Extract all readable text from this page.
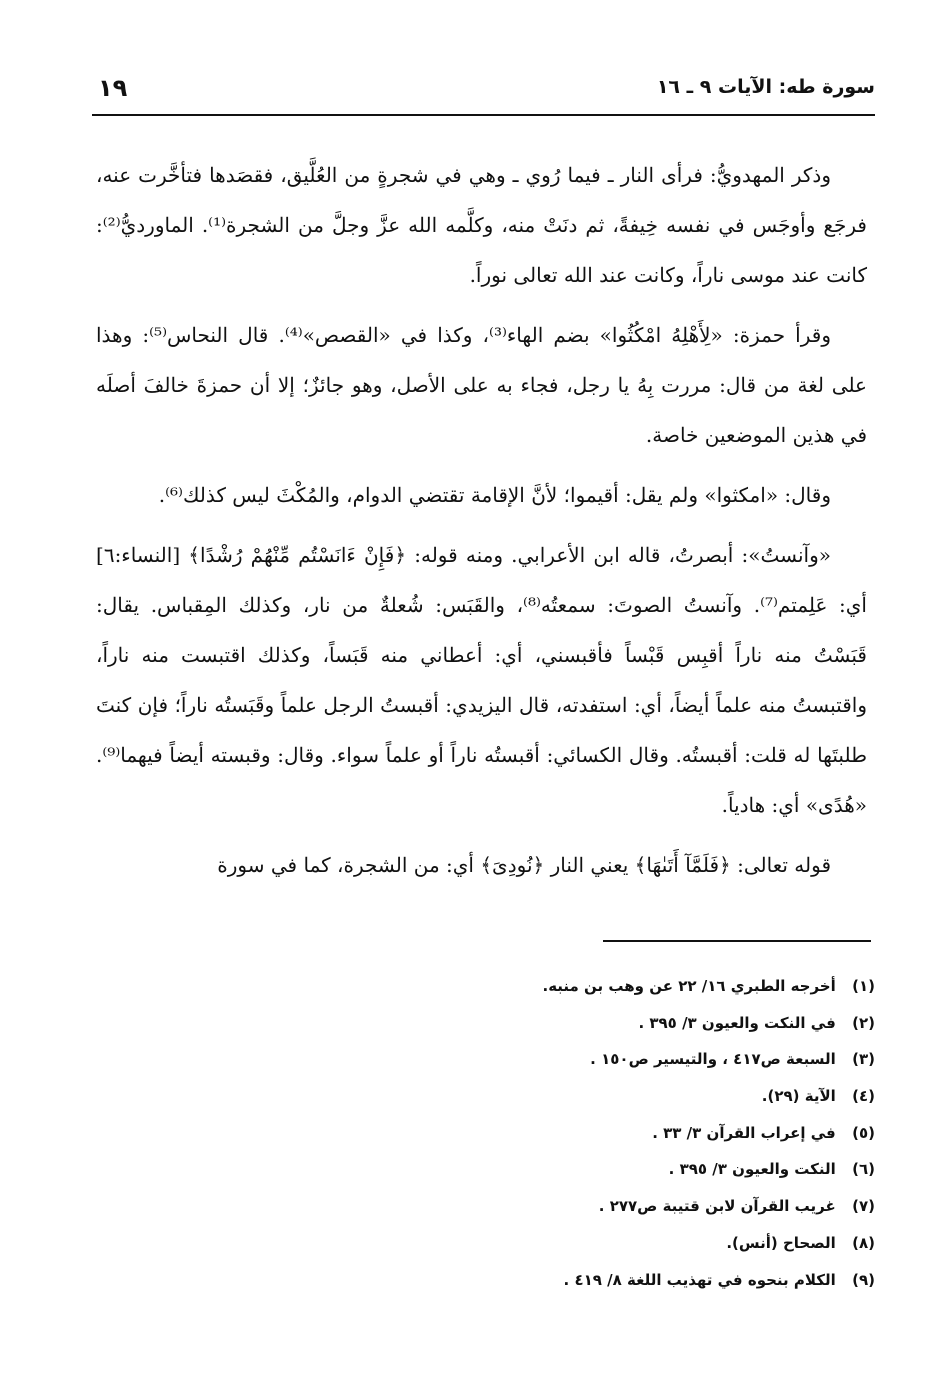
سورة طه: الآيات ٩ ـ ١٦
١٩

وذكر المهدويُّ: فرأى النار ـ فيما رُوي ـ وهي في شجرةٍ من العُلَّيق، فقصَدها فتأخَّرت عنه، فرجَع وأوجَس في نفسه خِيفةً، ثم دنَتْ منه، وكلَّمه الله عزَّ وجلَّ من الشجرة⁽¹⁾. الماورديُّ⁽²⁾: كانت عند موسى ناراً، وكانت عند الله تعالى نوراً.

وقرأ حمزة: «لِأَهْلِهُ امْكُثُوا» بضم الهاء⁽³⁾، وكذا في «القصص»⁽⁴⁾. قال النحاس⁽⁵⁾: وهذا على لغة من قال: مررت بِهُ يا رجل، فجاء به على الأصل، وهو جائزٌ؛ إلا أن حمزةَ خالفَ أصلَه في هذين الموضعين خاصة.

وقال: «امكثوا» ولم يقل: أقيموا؛ لأنَّ الإقامة تقتضي الدوام، والمُكْثَ ليس كذلك⁽⁶⁾.

«وآنستُ»: أبصرتُ، قاله ابن الأعرابي. ومنه قوله: ﴿فَإِنْ ءَانَسْتُم مِّنْهُمْ رُشْدًا﴾ [النساء:٦] أي: عَلِمتم⁽⁷⁾. وآنستُ الصوتَ: سمعتُه⁽⁸⁾، والقَبَس: شُعلةٌ من نار، وكذلك المِقباس. يقال: قَبَسْتُ منه ناراً أقبِس قَبْساً فأقبسني، أي: أعطاني منه قَبَساً، وكذلك اقتبست منه ناراً، واقتبستُ منه علماً أيضاً، أي: استفدته، قال اليزيدي: أقبستُ الرجل علماً وقَبَستُه ناراً؛ فإن كنتَ طلبتَها له قلت: أقبستُه. وقال الكسائي: أقبستُه ناراً أو علماً سواء. وقال: وقبسته أيضاً فيهما⁽⁹⁾. «هُدًى» أي: هادياً.

قوله تعالى: ﴿فَلَمَّآ أَتَىٰهَا﴾ يعني النار ﴿نُودِىَ﴾ أي: من الشجرة، كما في سورة

(١) أخرجه الطبري ١٦/ ٢٢ عن وهب بن منبه.
(٢) في النكت والعيون ٣/ ٣٩٥ .
(٣) السبعة ص٤١٧ ، والتيسير ص١٥٠ .
(٤) الآية (٢٩).
(٥) في إعراب القرآن ٣/ ٣٣ .
(٦) النكت والعيون ٣/ ٣٩٥ .
(٧) غريب القرآن لابن قتيبة ص٢٧٧ .
(٨) الصحاح (أنس).
(٩) الكلام بنحوه في تهذيب اللغة ٨/ ٤١٩ .
